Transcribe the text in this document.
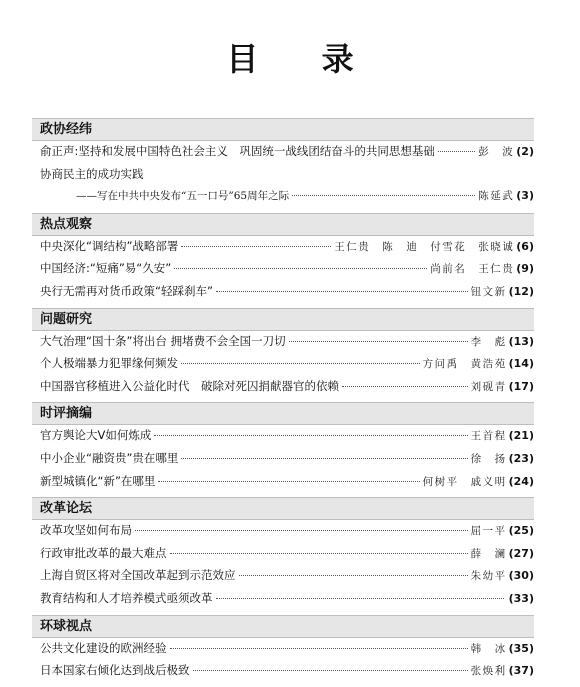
目 录
政协经纬
俞正声:坚持和发展中国特色社会主义　巩固统一战线团结奋斗的共同思想基础	彭　波 (2)
协商民主的成功实践
——写在中共中央发布“五一口号”65周年之际	陈延武 (3)
热点观察
中央深化“调结构”战略部署	王仁贵　陈　迪　付雪花　张晓诚 (6)
中国经济:“短痛”易“久安”	尚前名　王仁贵 (9)
央行无需再对货币政策“轻踩刹车”	钮文新 (12)
问题研究
大气治理“国十条”将出台 拥堵费不会全国一刀切	李　彪 (13)
个人极端暴力犯罪缘何频发	方问禹　黄浩苑 (14)
中国器官移植进入公益化时代　破除对死囚捐献器官的依赖	刘砚青 (17)
时评摘编
官方舆论大V如何炼成	王首程 (21)
中小企业“融资贵”贵在哪里	徐　扬 (23)
新型城镇化“新”在哪里	何树平　戚义明 (24)
改革论坛
改革攻坚如何布局	屈一平 (25)
行政审批改革的最大难点	薛　澜 (27)
上海自贸区将对全国改革起到示范效应	朱幼平 (30)
教育结构和人才培养模式亟须改革	(33)
环球视点
公共文化建设的欧洲经验	韩　冰 (35)
日本国家右倾化达到战后极致	张焕利 (37)
